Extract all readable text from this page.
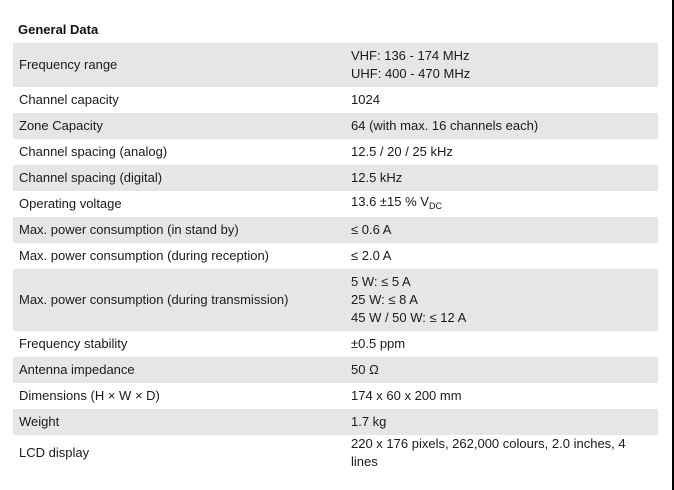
General Data
Frequency range	VHF: 136 - 174 MHz
UHF: 400 - 470 MHz

Channel capacity	1024

Zone Capacity	64 (with max. 16 channels each)

Channel spacing (analog)	12.5 / 20 / 25 kHz

Channel spacing (digital)	12.5 kHz

Operating voltage	13.6 ±15 % $V_{DC}$
Max. power consumption (in stand by)	≤ 0.6 A

Max. power consumption (during reception)	≤ 2.0 A

Max. power consumption (during transmission)	5 W: ≤ 5 A
25 W: ≤ 8 A
45 W / 50 W: ≤ 12 A

Frequency stability	±0.5 ppm

Antenna impedance	50 Ω

Dimensions (H × W × D)	174 x 60 x 200 mm

Weight	1.7 kg

LCD display	220 x 176 pixels, 262,000 colours, 2.0 inches, 4 lines
